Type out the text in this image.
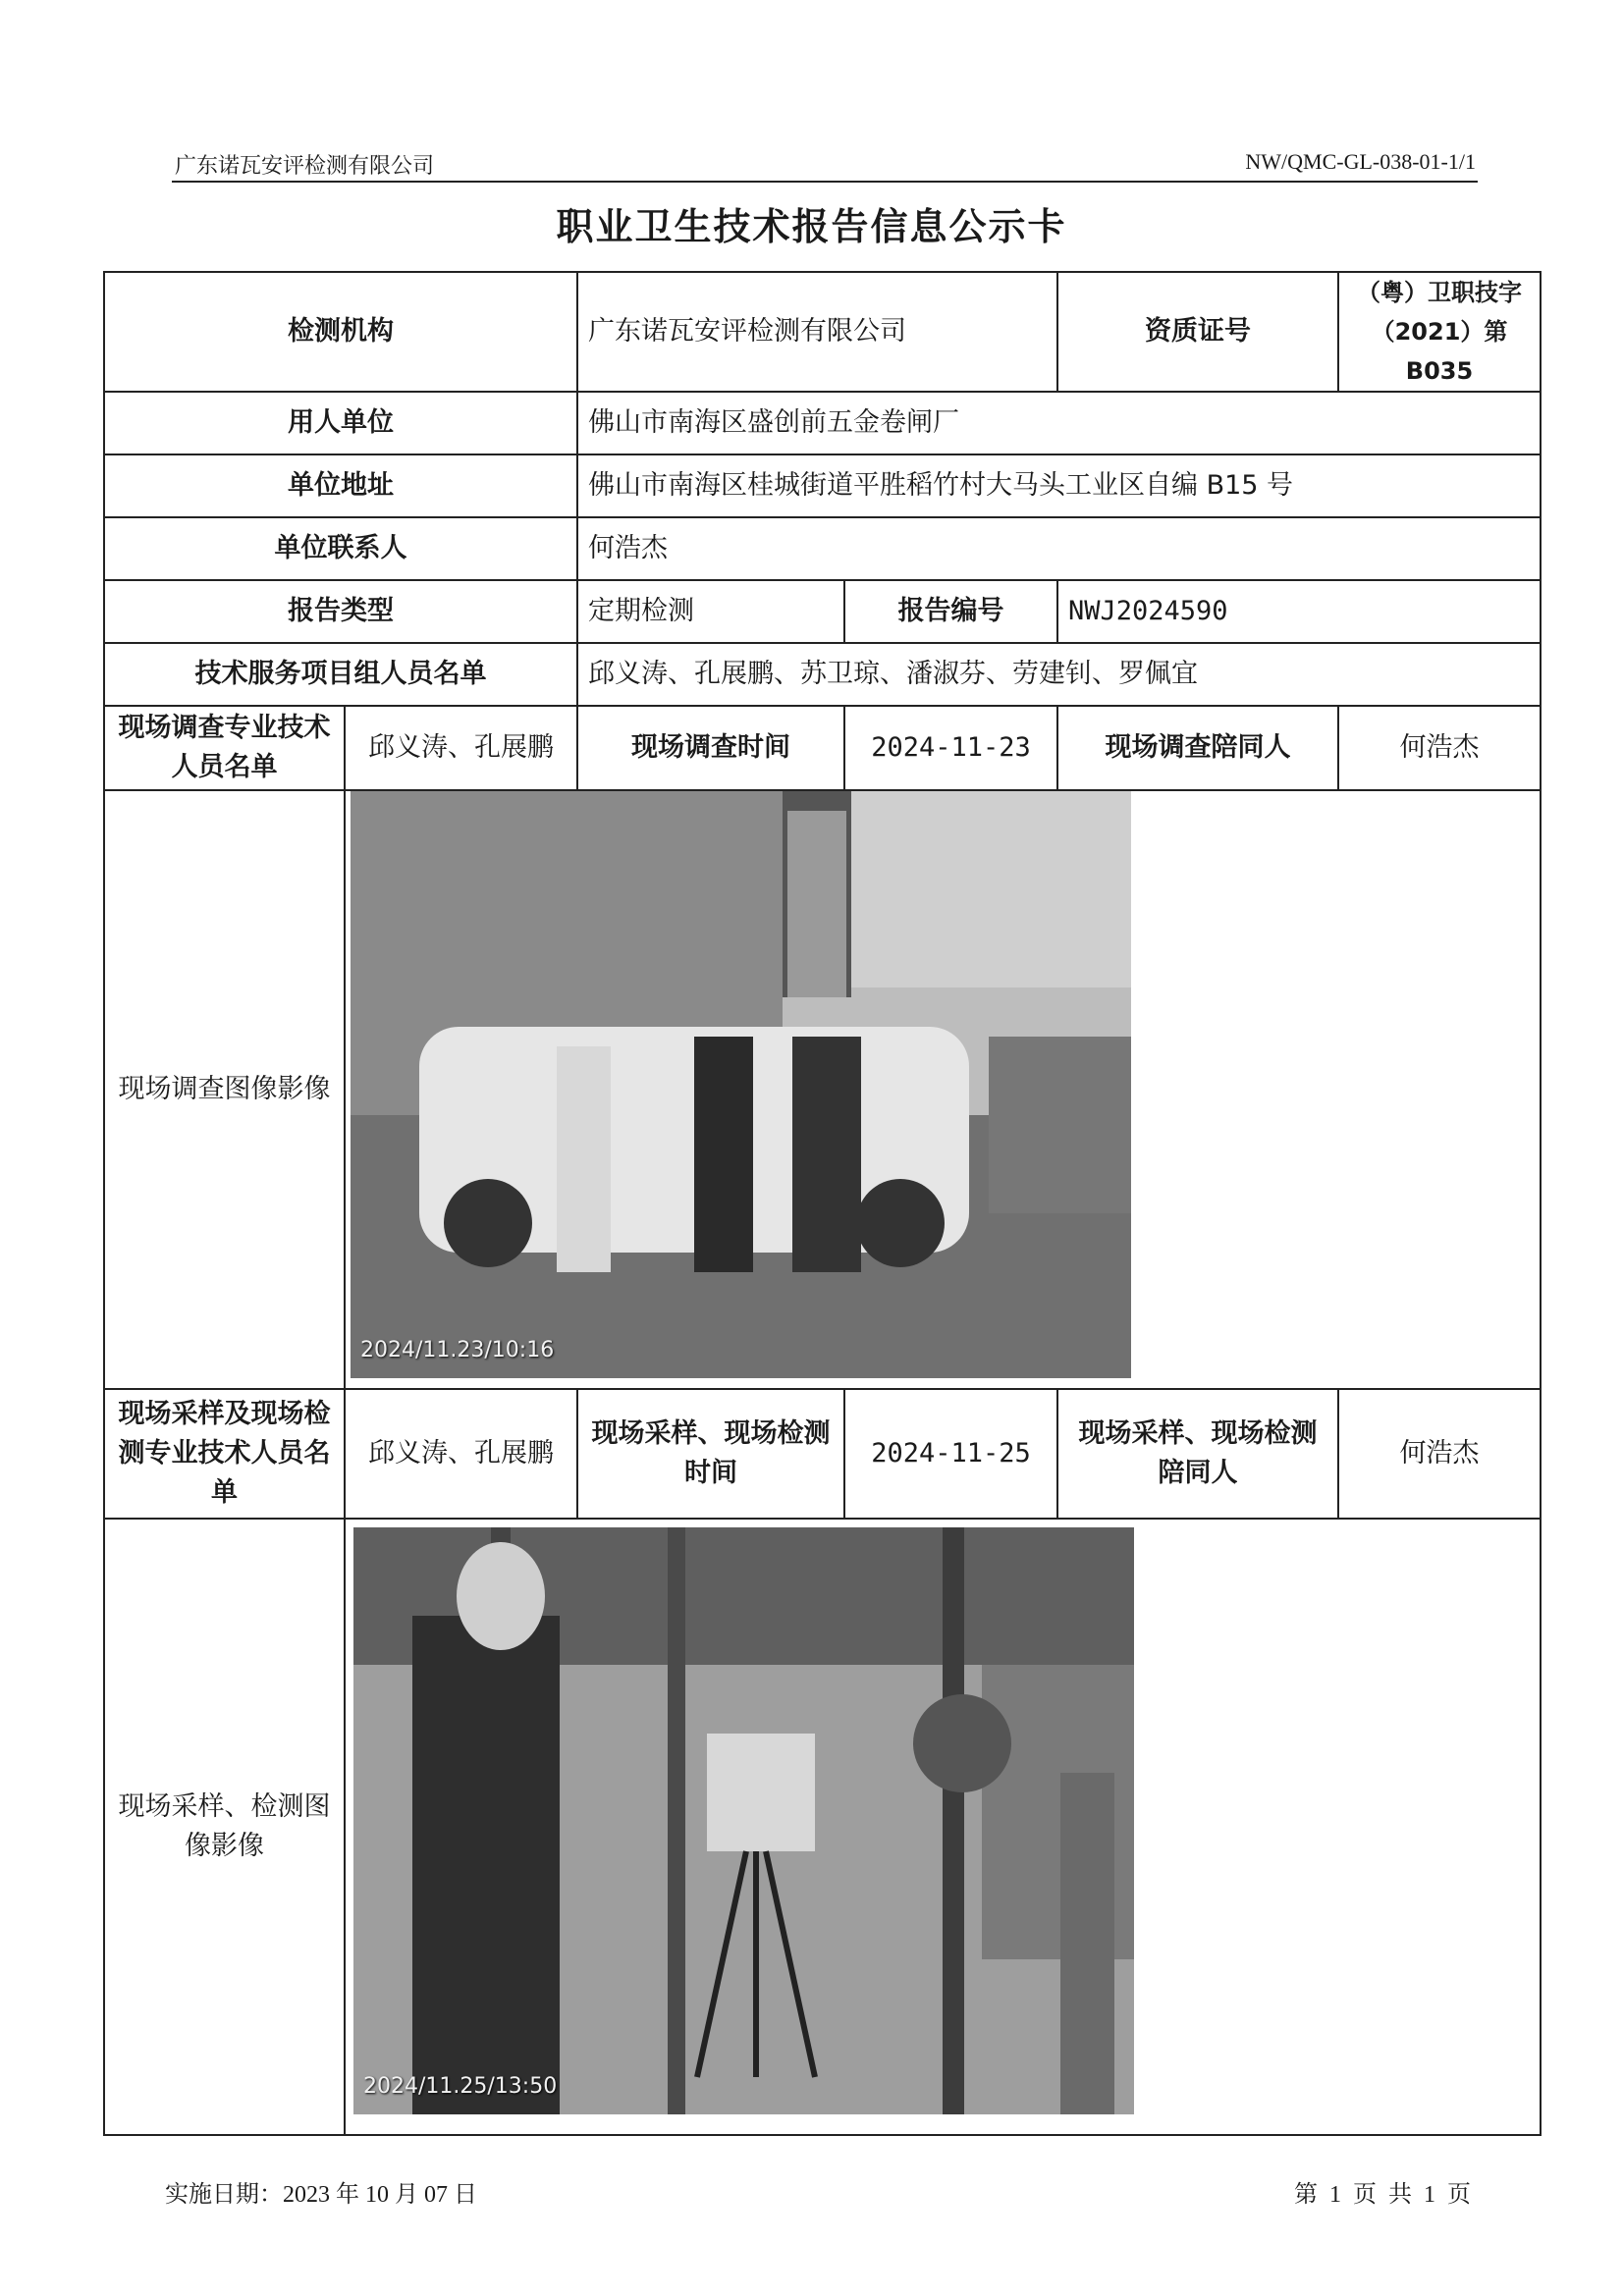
广东诺瓦安评检测有限公司	NW/QMC-GL-038-01-1/1
职业卫生技术报告信息公示卡
检测机构		广东诺瓦安评检测有限公司		资质证号	（粤）卫职技字（2021）第 B035
用人单位		佛山市南海区盛创前五金卷闸厂			
单位地址		佛山市南海区桂城街道平胜稻竹村大马头工业区自编 B15 号			
单位联系人		何浩杰			
报告类型		定期检测	报告编号	NWJ2024590	
技术服务项目组人员名单		邱义涛、孔展鹏、苏卫琼、潘淑芬、劳建钊、罗佩宜			
现场调查专业技术人员名单	邱义涛、孔展鹏	现场调查时间	2024-11-23	现场调查陪同人	何浩杰
现场调查图像影像	2024/11.23/10:16				

现场采样及现场检测专业技术人员名单	邱义涛、孔展鹏	现场采样、现场检测时间	2024-11-25	现场采样、现场检测陪同人	何浩杰
现场采样、检测图像影像	2024/11.25/13:50				
实施日期：2023 年 10 月 07 日	第 1 页 共 1 页
